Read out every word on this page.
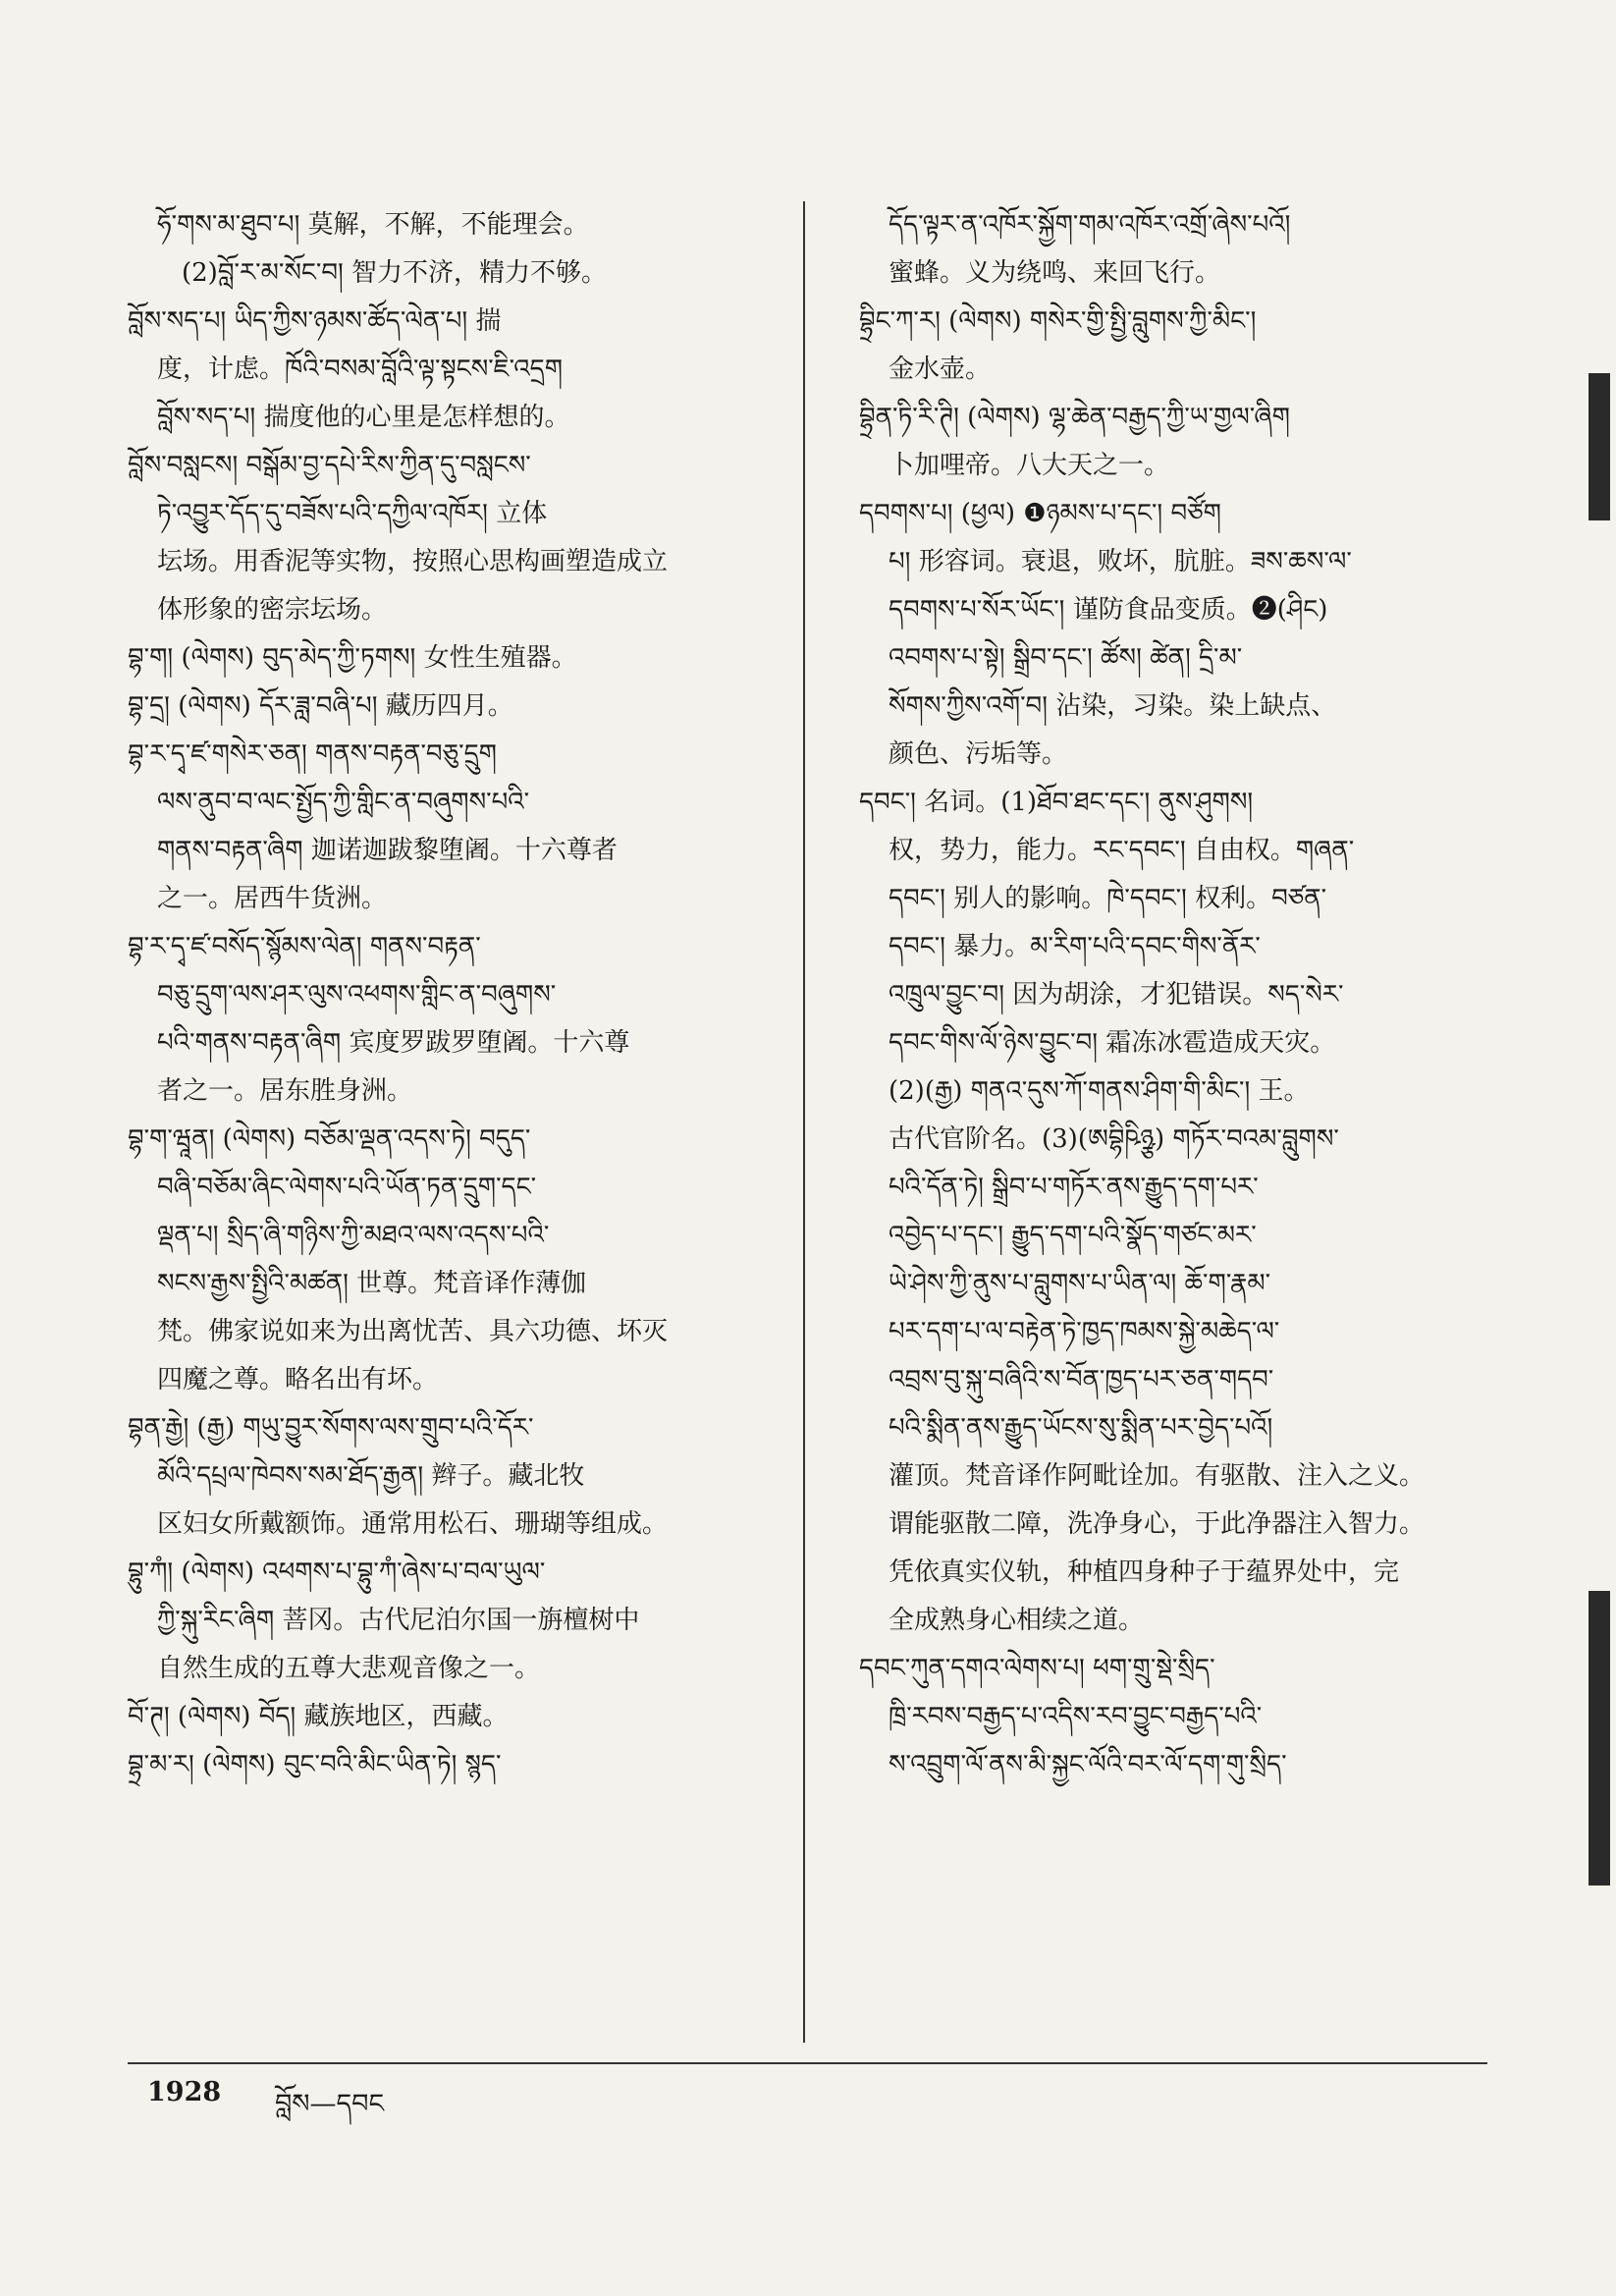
ཧོ་གས་མ་ཐུབ་པ། 莫解，不解，不能理会。
(2)བློ་ར་མ་སོང་བ། 智力不济，精力不够。

བློས་སད་པ། ཡིད་ཀྱིས་ཉམས་ཚོད་ལེན་པ། 揣
度，计虑。ཁོའི་བསམ་བློའི་ལྟ་སྟངས་ཇི་འདྲག
བློས་སད་པ། 揣度他的心里是怎样想的。

བློས་བསླངས། བསྒོམ་བྱ་དཔེ་རིས་ཀྱིན་དུ་བསླངས་
ཏེ་འབྱུར་དོད་དུ་བཟོས་པའི་དཀྱིལ་འཁོར། 立体
坛场。用香泥等实物，按照心思构画塑造成立
体形象的密宗坛场。

བྷ་ག། (ལེགས) བུད་མེད་ཀྱི་ཏགས། 女性生殖器。

བྷ་དྲ། (ལེགས) དོར་ཟླ་བཞི་པ། 藏历四月。

བྷ་ར་དྭ་ཛ་གསེར་ཅན། གནས་བརྟན་བཅུ་དྲུག
ལས་ནུབ་བ་ལང་སྤྱོད་ཀྱི་གླིང་ན་བཞུགས་པའི་
གནས་བརྟན་ཞིག 迦诺迦跋黎堕阇。十六尊者
之一。居西牛货洲。

བྷ་ར་དྭ་ཛ་བསོད་སྙོམས་ལེན། གནས་བརྟན་
བཅུ་དྲུག་ལས་ཤར་ལུས་འཕགས་གླིང་ན་བཞུགས་
པའི་གནས་བརྟན་ཞིག 宾度罗跋罗堕阇。十六尊
者之一。居东胜身洲。

བྷ་ག་ཝཱན། (ལེགས) བཅོམ་ལྡན་འདས་ཏེ། བདུད་
བཞི་བཅོམ་ཞིང་ལེགས་པའི་ཡོན་ཏན་དྲུག་དང་
ལྡན་པ། སྲིད་ཞི་གཉིས་ཀྱི་མཐའ་ལས་འདས་པའི་
སངས་རྒྱས་སྤྱིའི་མཚན། 世尊。梵音译作薄伽
梵。佛家说如来为出离忧苦、具六功德、坏灭
四魔之尊。略名出有坏。

བྷན་རྒྱེ། (རྒྱ) གཡུ་བྱུར་སོགས་ལས་གྲུབ་པའི་དོར་
མོའི་དཔྲལ་ཁེབས་སམ་ཐོད་རྒྱན། 辫子。藏北牧
区妇女所戴额饰。通常用松石、珊瑚等组成。

བྷུ་ཀཾ། (ལེགས) འཕགས་པ་བྷུ་ཀཾ་ཞེས་པ་བལ་ཡུལ་
ཀྱི་སྐུ་རིང་ཞིག 菩冈。古代尼泊尔国一旃檀树中
自然生成的五尊大悲观音像之一。

བོ་ཊ། (ལེགས) བོད། 藏族地区，西藏。

བྷྲ་མ་ར། (ལེགས) བུང་བའི་མིང་ཡིན་ཏེ། སྙད་

དོད་ལྟར་ན་འཁོར་སྐྱོག་གམ་འཁོར་འགྲོ་ཞེས་པའོ།
蜜蜂。义为绕鸣、来回飞行。

བྷྲིང་ཀ་ར། (ལེགས) གསེར་གྱི་སྤྱི་བླུགས་ཀྱི་མིང་།
金水壶。

བྷྲིན་ཏི་རི་ཊི། (ལེགས) ལྷ་ཆེན་བརྒྱད་ཀྱི་ཡ་གྱལ་ཞིག
卜加哩帝。八大天之一。

དབགས་པ། (ཕྱལ) ❶ཉམས་པ་དང་། བཙོག
པ། 形容词。衰退，败坏，肮脏。ཟས་ཆས་ལ་
དབགས་པ་སོར་ཡོང་། 谨防食品变质。❷(ཤིང)
འབགས་པ་སྟེ། སྒྲིབ་དང་། ཚོས། ཚེན། དྲི་མ་
སོགས་ཀྱིས་འགོ་བ། 沾染，习染。染上缺点、
颜色、污垢等。

དབང་། 名词。(1)ཐོབ་ཐང་དང་། ནུས་ཤུགས།
权，势力，能力。རང་དབང་། 自由权。གཞན་
དབང་། 别人的影响。ཁེ་དབང་། 权利。བཙན་
དབང་། 暴力。མ་རིག་པའི་དབང་གིས་ནོར་
འཁྲུལ་བྱུང་བ། 因为胡涂，才犯错误。སད་སེར་
དབང་གིས་ལོ་ཉེས་བྱུང་བ། 霜冻冰雹造成天灾。
(2)(རྒྱ) གནའ་དུས་ཀོ་གནས་ཤིག་གི་མིང་། 王。
古代官阶名。(3)(ཨབྷིཥིཉྩ) གཏོར་བའམ་བླུགས་
པའི་དོན་ཏེ། སྒྲིབ་པ་གཏོར་ནས་རྒྱུད་དག་པར་
འབྱེད་པ་དང་། རྒྱུད་དག་པའི་སྣོད་གཙང་མར་
ཡེ་ཤེས་ཀྱི་ནུས་པ་བླུགས་པ་ཡིན་ལ། ཆོ་ག་རྣམ་
པར་དག་པ་ལ་བརྟེན་ཏེ་ཁྱད་ཁམས་སྐྱེ་མཆེད་ལ་
འབྲས་བུ་སྐུ་བཞིའི་ས་བོན་ཁྱད་པར་ཅན་གདབ་
པའི་སྨིན་ནས་རྒྱུད་ཡོངས་སུ་སྨིན་པར་བྱེད་པའོ།
灌顶。梵音译作阿毗诠加。有驱散、注入之义。
谓能驱散二障，洗净身心，于此净器注入智力。
凭依真实仪轨，种植四身种子于蕴界处中，完
全成熟身心相续之道。

དབང་ཀུན་དགའ་ལེགས་པ། ཕག་གྲུ་སྡེ་སྲིད་
ཁྲི་རབས་བརྒྱད་པ་འདིས་རབ་བྱུང་བརྒྱད་པའི་
ས་འབྲུག་ལོ་ནས་མི་སྐྱང་ལོའི་བར་ལོ་དག་གུ་སྲིད་

1928 བློས—དབང
